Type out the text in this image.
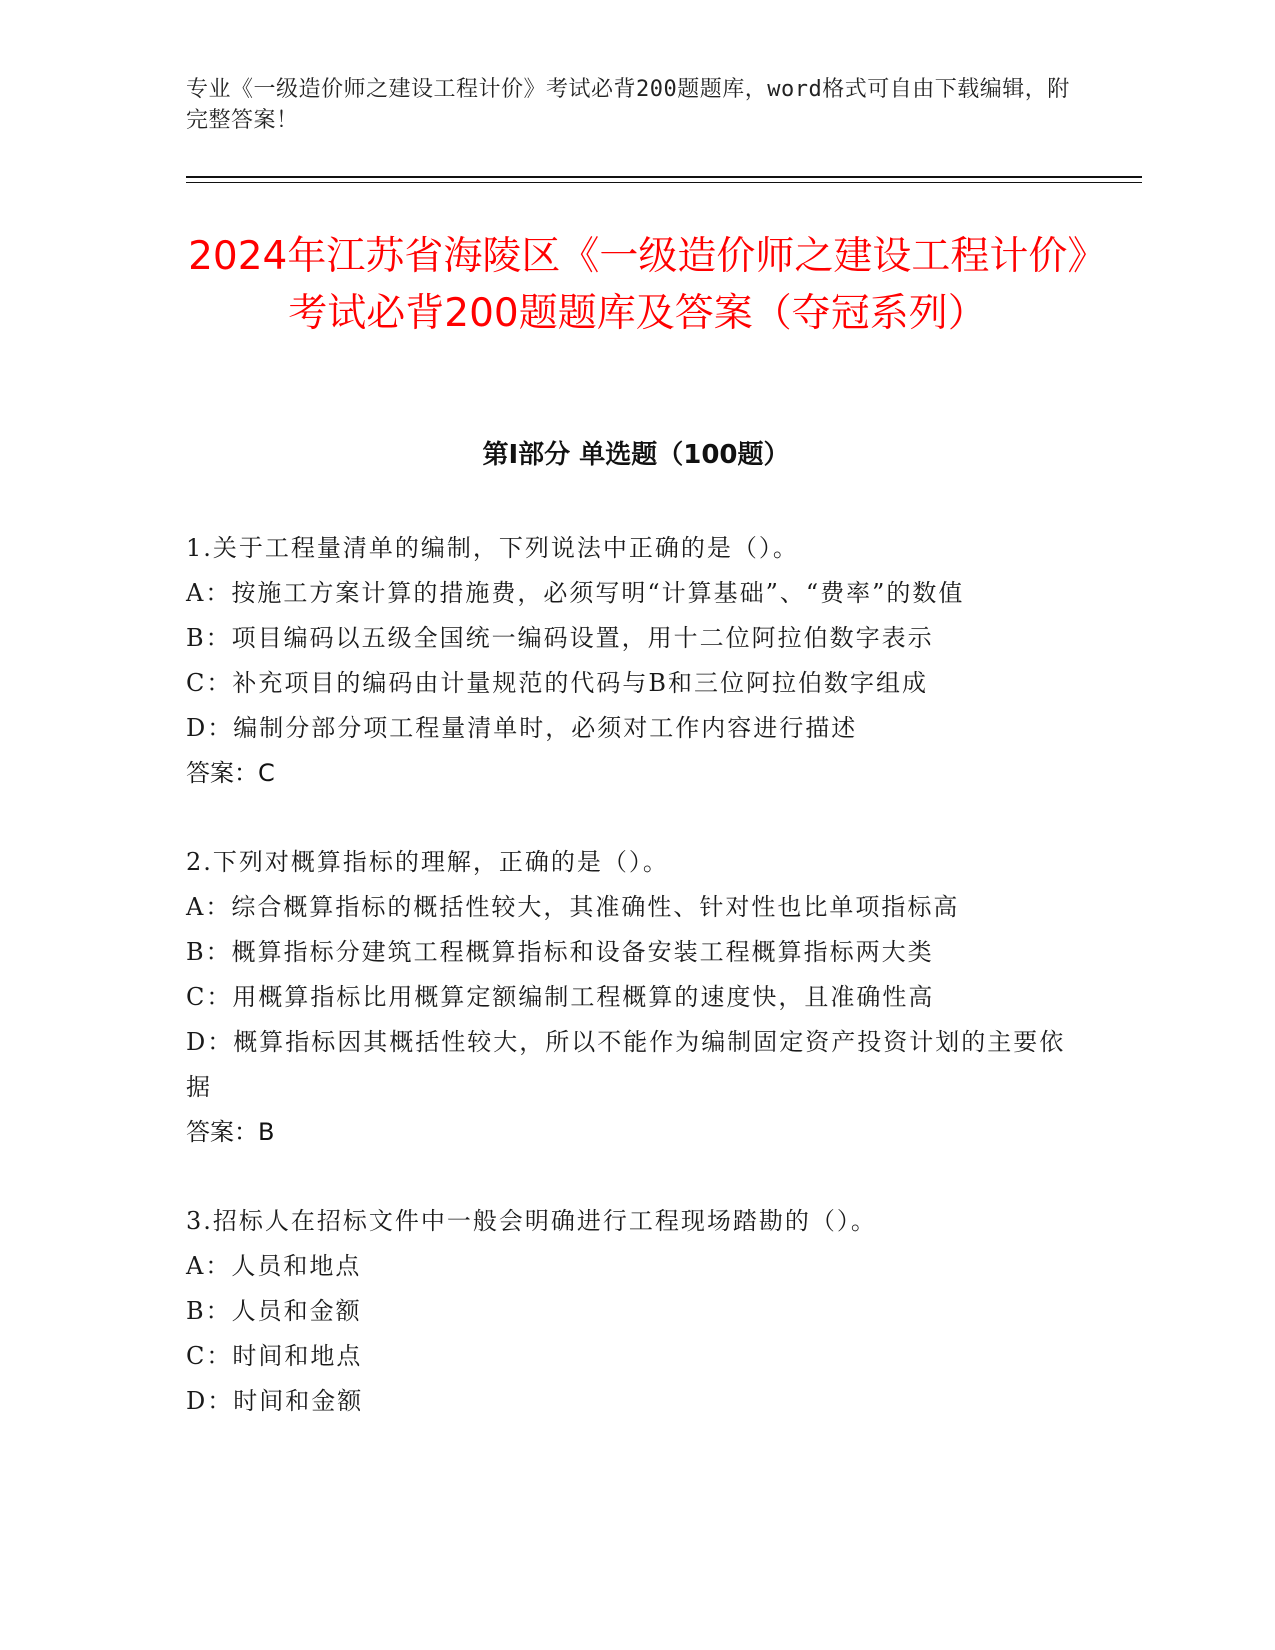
专业《一级造价师之建设工程计价》考试必背200题题库，word格式可自由下载编辑，附完整答案！
2024年江苏省海陵区《一级造价师之建设工程计价》考试必背200题题库及答案（夺冠系列）
第Ⅰ部分 单选题（100题）
1.关于工程量清单的编制，下列说法中正确的是（）。
A：按施工方案计算的措施费，必须写明“计算基础”、“费率”的数值
B：项目编码以五级全国统一编码设置，用十二位阿拉伯数字表示
C：补充项目的编码由计量规范的代码与B和三位阿拉伯数字组成
D：编制分部分项工程量清单时，必须对工作内容进行描述
答案：C
2.下列对概算指标的理解，正确的是（）。
A：综合概算指标的概括性较大，其准确性、针对性也比单项指标高
B：概算指标分建筑工程概算指标和设备安装工程概算指标两大类
C：用概算指标比用概算定额编制工程概算的速度快，且准确性高
D：概算指标因其概括性较大，所以不能作为编制固定资产投资计划的主要依据
答案：B
3.招标人在招标文件中一般会明确进行工程现场踏勘的（）。
A：人员和地点
B：人员和金额
C：时间和地点
D：时间和金额
